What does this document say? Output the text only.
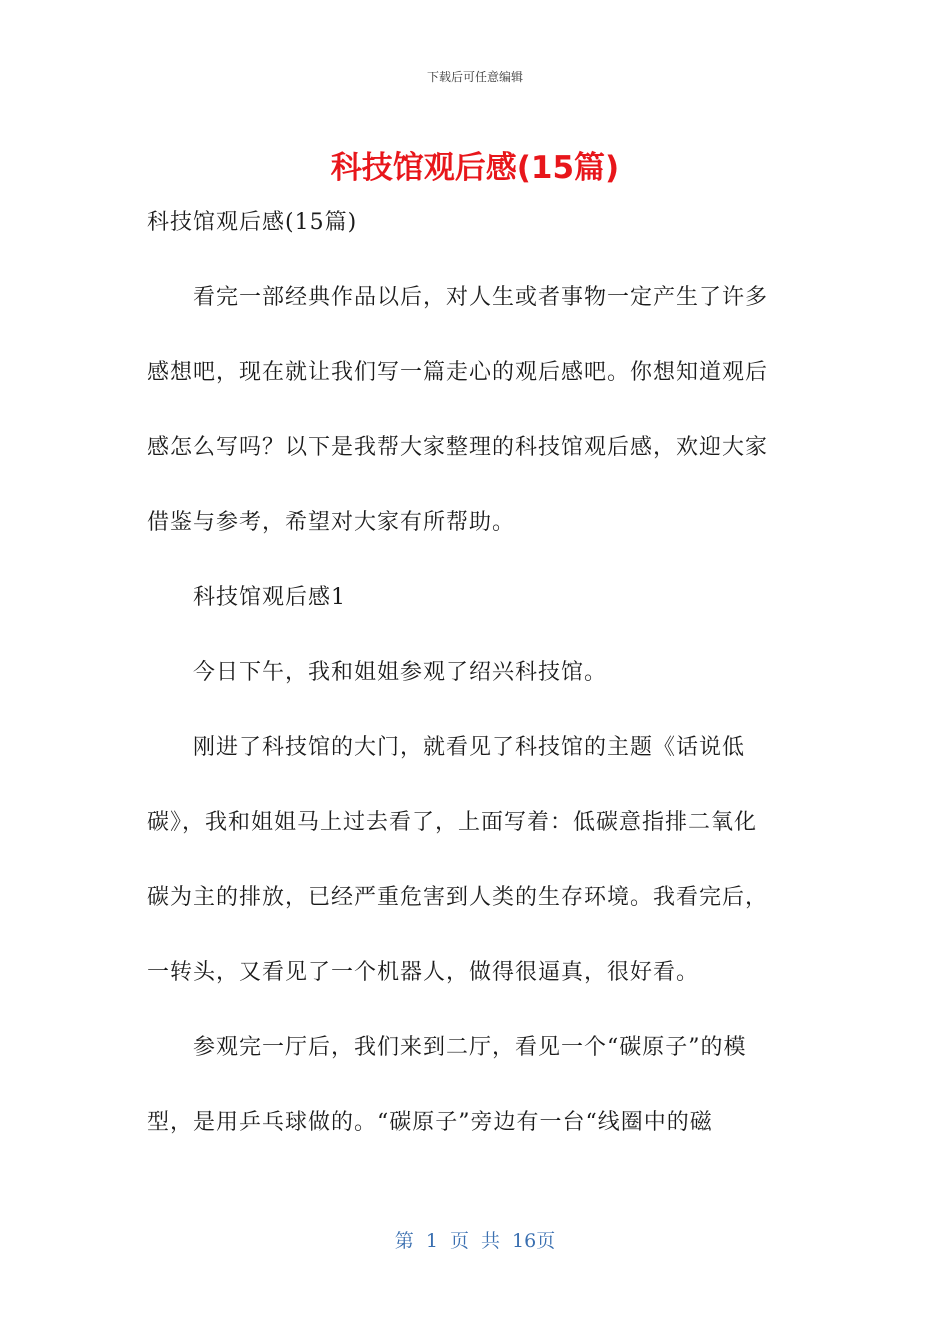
下载后可任意编辑
科技馆观后感(15篇)
科技馆观后感(15篇)
　　看完一部经典作品以后，对人生或者事物一定产生了许多
感想吧，现在就让我们写一篇走心的观后感吧。你想知道观后
感怎么写吗？以下是我帮大家整理的科技馆观后感，欢迎大家
借鉴与参考，希望对大家有所帮助。
　　科技馆观后感1
　　今日下午，我和姐姐参观了绍兴科技馆。
　　刚进了科技馆的大门，就看见了科技馆的主题《话说低
碳》，我和姐姐马上过去看了，上面写着：低碳意指排二氧化
碳为主的排放，已经严重危害到人类的生存环境。我看完后，
一转头，又看见了一个机器人，做得很逼真，很好看。
　　参观完一厅后，我们来到二厅，看见一个“碳原子”的模
型，是用乒乓球做的。“碳原子”旁边有一台“线圈中的磁
第 1 页 共 16页
